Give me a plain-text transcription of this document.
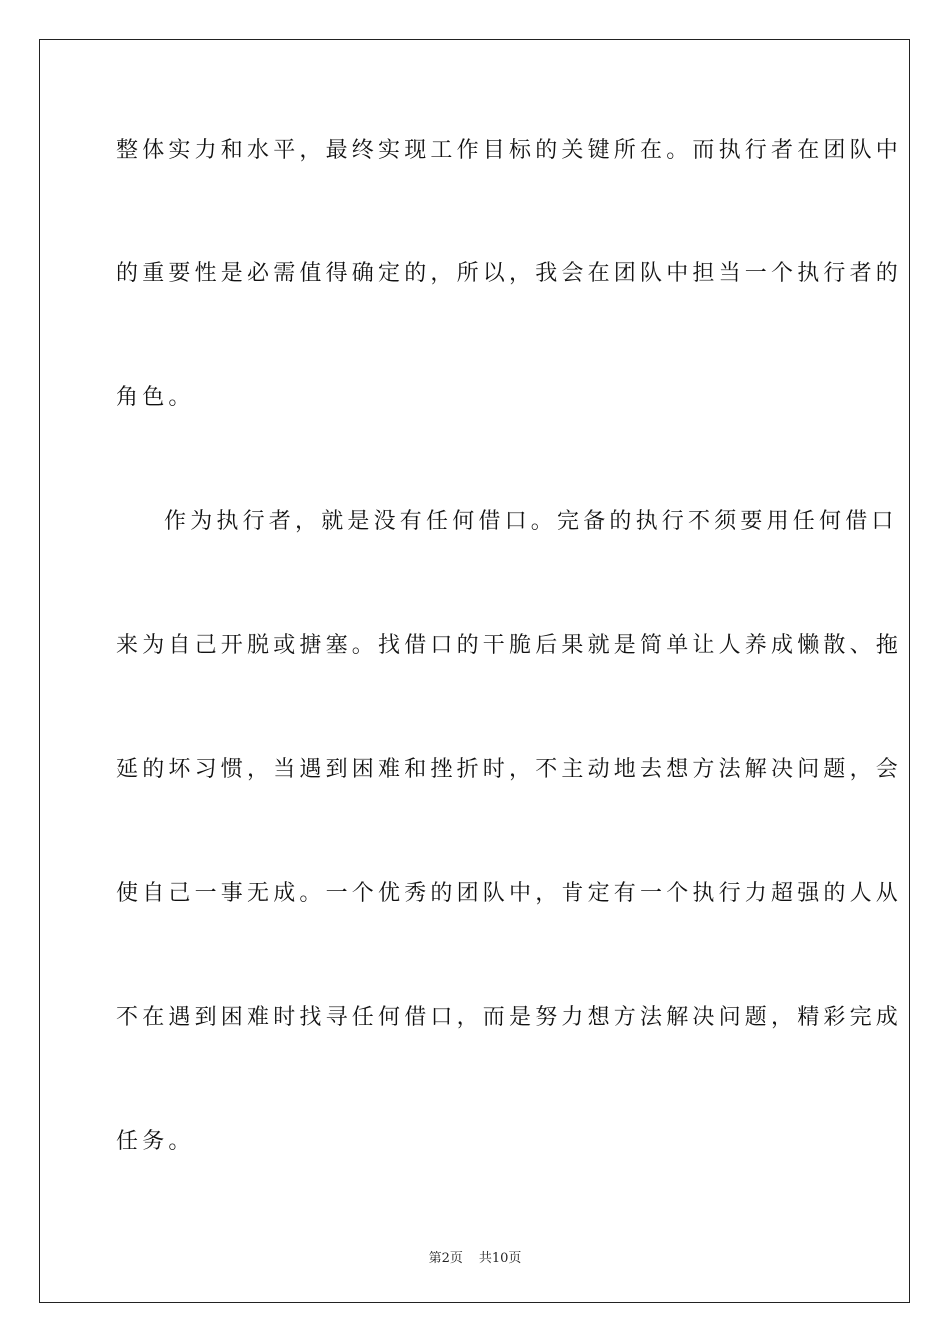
整体实力和水平，最终实现工作目标的关键所在。而执行者在团队中
的重要性是必需值得确定的，所以，我会在团队中担当一个执行者的
角色。
作为执行者，就是没有任何借口。完备的执行不须要用任何借口
来为自己开脱或搪塞。找借口的干脆后果就是简单让人养成懒散、拖
延的坏习惯，当遇到困难和挫折时，不主动地去想方法解决问题，会
使自己一事无成。一个优秀的团队中，肯定有一个执行力超强的人从
不在遇到困难时找寻任何借口，而是努力想方法解决问题，精彩完成
任务。
第2页 共10页
